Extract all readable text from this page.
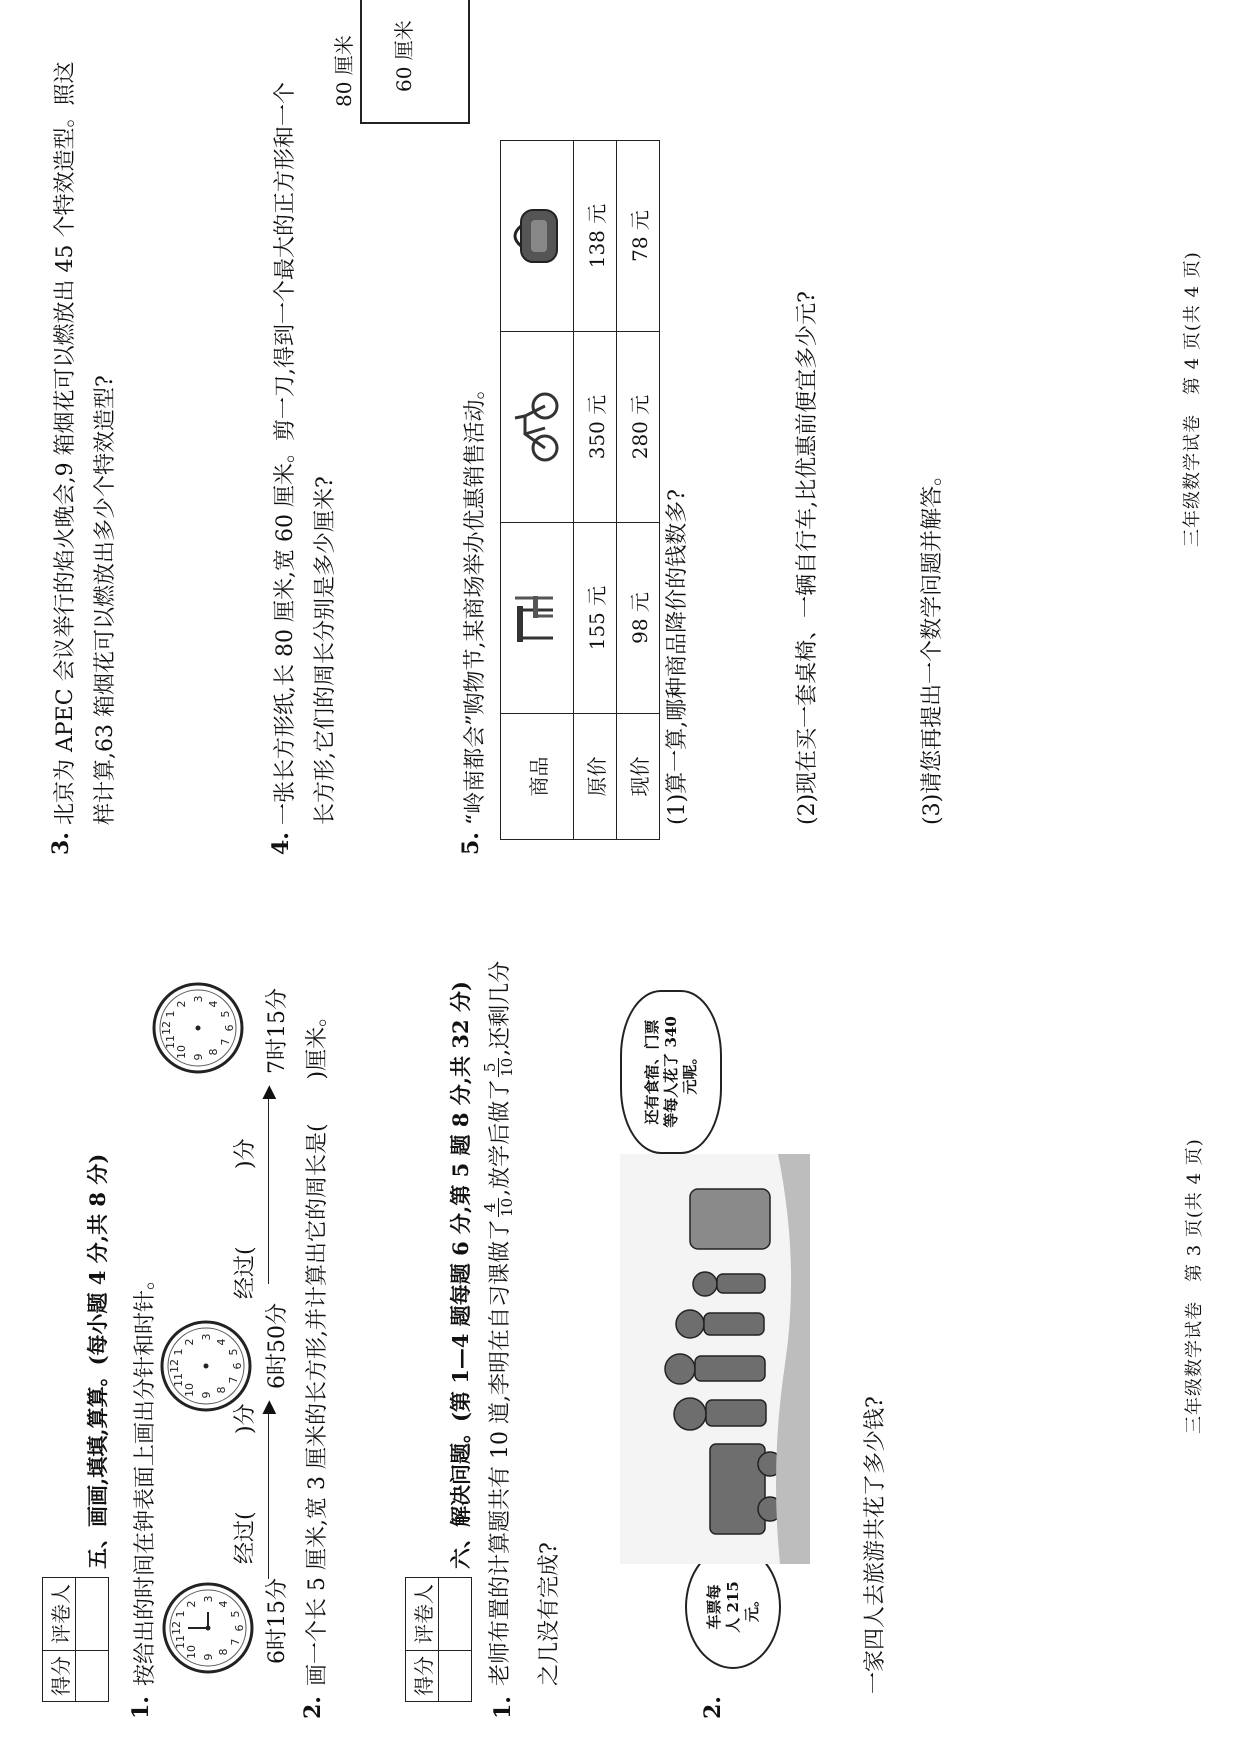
得分	评卷人

五、画画,填填,算算。(每小题 4 分,共 8 分)
1.
按给出的时间在钟表面上画出分针和时针。 12
1
2
3
4
5
6
7
8
9
10
11
12
1
2
3
4
5
6
7
8
9
10
11
12
1
2
3
4
5
6
7
8
9
10
11
6时15分
经过(
)分 ▶
6时50分
经过(
)分
▶
7时15分
2.
画一个长 5 厘米,宽 3 厘米的长方形,并计算出它的周长是(　　)厘米。	得分	评卷人

六、解决问题。(第 1—4 题每题 6 分,第 5 题 8 分,共 32 分)
1.
老师布置的计算题共有 10 道,李明在自习课做了
4 10
,放学后做了
5 10
,还剩几分
之几没有完成?
2.
车票每 人 215 元。
还有食宿、门票 等每人花了 340 元呢。
一家四人去旅游共花了多少钱?
三年级数学试卷　第 3 页(共 4 页)
3.
北京为 APEC 会议举行的焰火晚会,9 箱烟花可以燃放出 45 个特效造型。照这 样计算,63 箱烟花可以燃放出多少个特效造型?
4.
一张长方形纸,长 80 厘米,宽 60 厘米。剪一刀,得到一个最大的正方形和一个 长方形,它们的周长分别是多少厘米?
60 厘米
80 厘米
5.
“岭南都会”购物节,某商场举办优惠销售活动。 商品			
原价	155 元	350 元	138 元
现价	98 元	280 元	78 元
(1)算一算,哪种商品降价的钱数多?	(2)现在买一套桌椅、一辆自行车,比优惠前便宜多少元?	(3)请您再提出一个数学问题并解答。
三年级数学试卷　第 4 页(共 4 页)
